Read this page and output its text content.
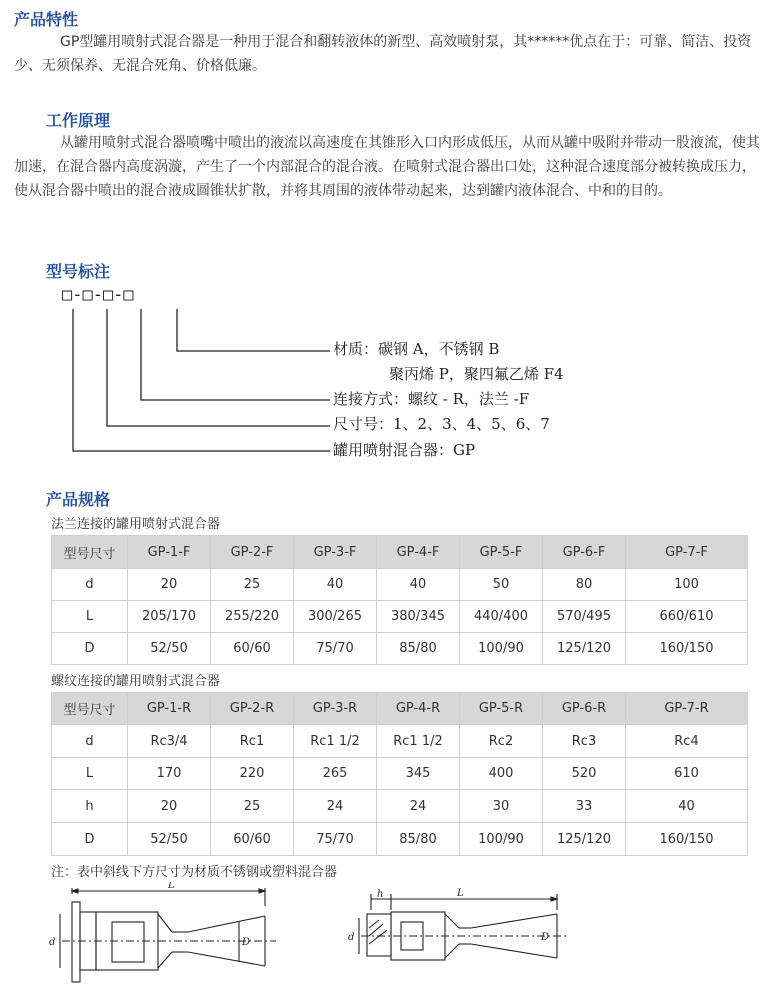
产品特性
GP型罐用喷射式混合器是一种用于混合和翻转液体的新型、高效喷射泵，其******优点在于：可靠、简洁、投资少、无须保养、无混合死角、价格低廉。
工作原理
从罐用喷射式混合器喷嘴中喷出的液流以高速度在其锥形入口内形成低压，从而从罐中吸附并带动一股液流，使其加速，在混合器内高度涡漩，产生了一个内部混合的混合液。在喷射式混合器出口处，这种混合速度部分被转换成压力，使从混合器中喷出的混合液成圆锥状扩散，并将其周围的液体带动起来，达到罐内液体混合、中和的目的。
型号标注
□-□-□-□
材质：碳钢 A，不锈钢 B
聚丙烯 P，聚四氟乙烯 F4
连接方式：螺纹 - R，法兰 -F
尺寸号：1、2、3、4、5、6、7
罐用喷射混合器：GP
产品规格
法兰连接的罐用喷射式混合器
型号尺寸	GP-1-F	GP-2-F	GP-3-F	GP-4-F	GP-5-F	GP-6-F	GP-7-F
d	20	25	40	40	50	80	100
L	205/170	255/220	300/265	380/345	440/400	570/495	660/610
D	52/50	60/60	75/70	85/80	100/90	125/120	160/150
螺纹连接的罐用喷射式混合器
型号尺寸	GP-1-R	GP-2-R	GP-3-R	GP-4-R	GP-5-R	GP-6-R	GP-7-R
d	Rc3/4	Rc1	Rc1 1/2	Rc1 1/2	Rc2	Rc3	Rc4
L	170	220	265	345	400	520	610
h	20	25	24	24	30	33	40
D	52/50	60/60	75/70	85/80	100/90	125/120	160/150
注：表中斜线下方尺寸为材质不锈钢或塑料混合器
L
d	D
h	L
d	D
